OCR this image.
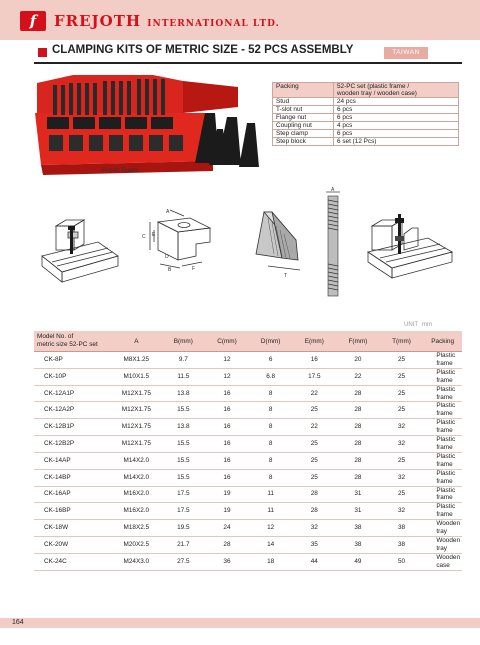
f	FREJOTH INTERNATIONAL LTD.
CLAMPING KITS OF METRIC SIZE - 52 PCS ASSEMBLY	TAIWAN
Plastic Frame
Packing	52-PC set (plastic frame /
wooden tray / wooden case)
Stud	24 pcs
T-slot nut	6 pcs
Flange nut	6 pcs
Coupling nut	4 pcs
Step clamp	6 pcs
Step block	6 set (12 Pcs)
A
C E
D
B	F
T
A
UNIT mm
Model No. of
metric size 52-PC set	A	B(mm)	C(mm)	D(mm)	E(mm)	F(mm)	T(mm)	Packing
CK-8P	M8X1.25	9.7	12	6	16	20	25	Plastic frame
CK-10P	M10X1.5	11.5	12	6.8	17.5	22	25	Plastic frame
CK-12A1P	M12X1.75	13.8	16	8	22	28	25	Plastic frame
CK-12A2P	M12X1.75	15.5	16	8	25	28	25	Plastic frame
CK-12B1P	M12X1.75	13.8	16	8	22	28	32	Plastic frame
CK-12B2P	M12X1.75	15.5	16	8	25	28	32	Plastic frame
CK-14AP	M14X2.0	15.5	16	8	25	28	25	Plastic frame
CK-14BP	M14X2.0	15.5	16	8	25	28	32	Plastic frame
CK-16AP	M16X2.0	17.5	19	11	28	31	25	Plastic frame
CK-16BP	M16X2.0	17.5	19	11	28	31	32	Plastic frame
CK-18W	M18X2.5	19.5	24	12	32	38	38	Wooden tray
CK-20W	M20X2.5	21.7	28	14	35	38	38	Wooden tray
CK-24C	M24X3.0	27.5	36	18	44	49	50	Wooden case
164
